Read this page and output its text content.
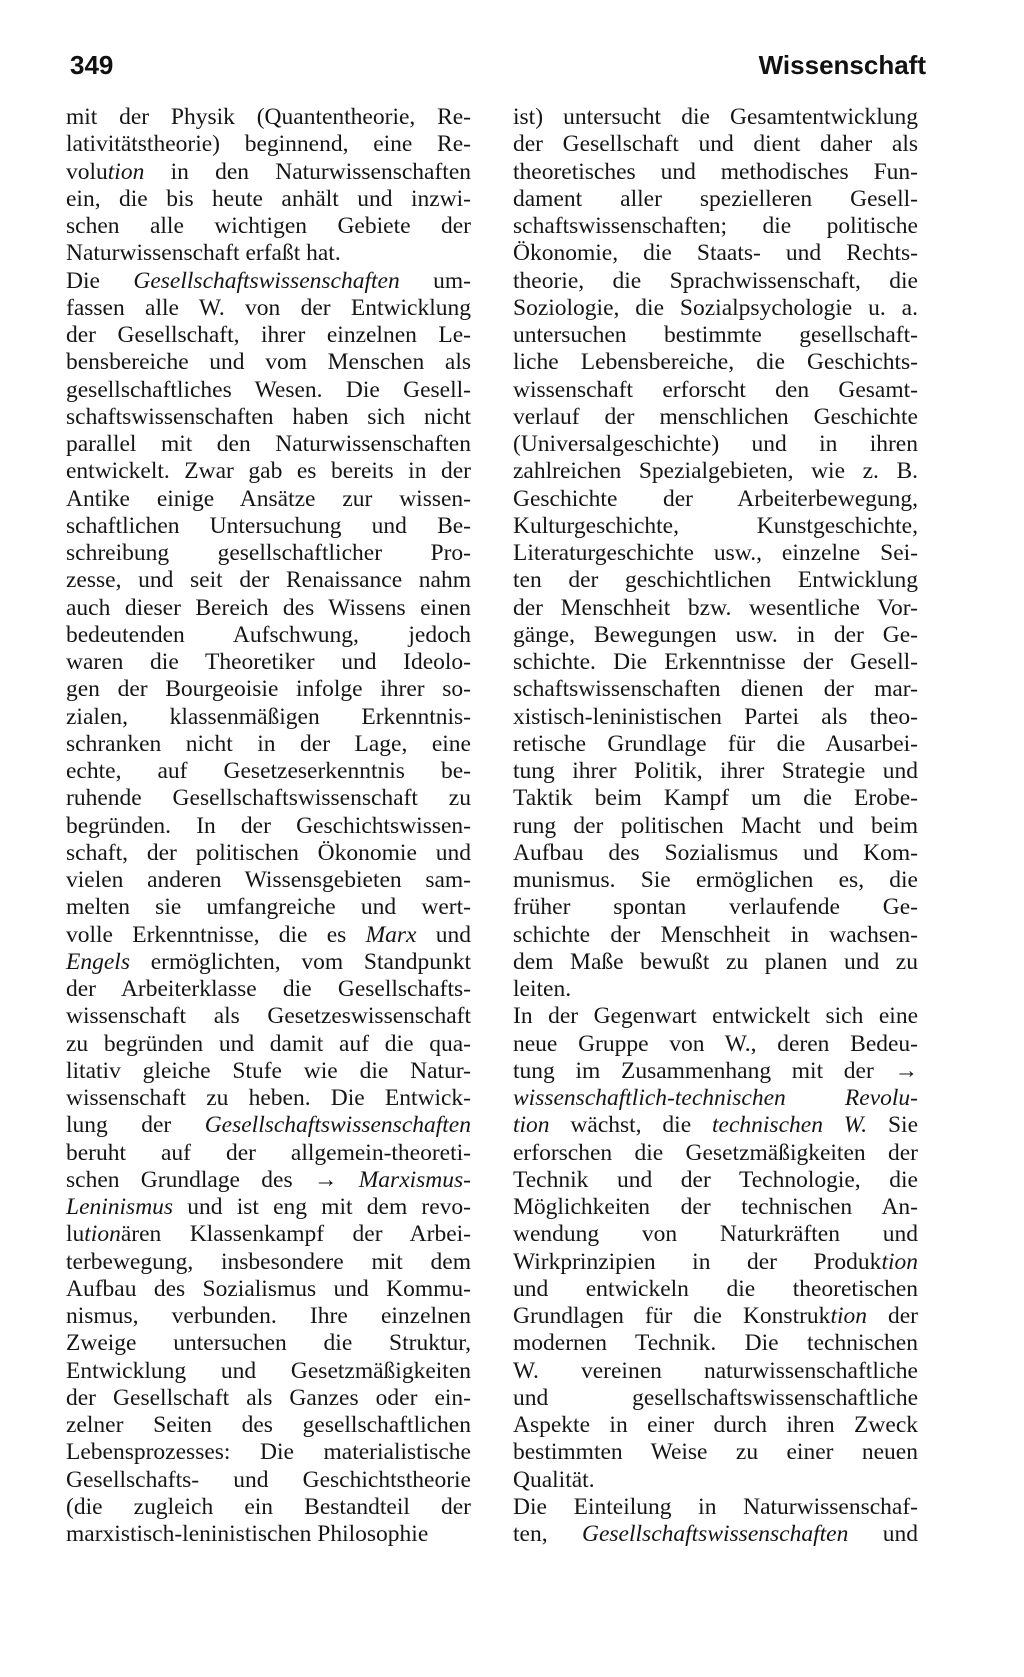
349	Wissenschaft
mit der Physik (Quantentheorie, Re-
lativitätstheorie) beginnend, eine Re-
volution in den Naturwissenschaften
ein, die bis heute anhält und inzwi-
schen alle wichtigen Gebiete der
Naturwissenschaft erfaßt hat.
Die Gesellschaftswissenschaften um-
fassen alle W. von der Entwicklung
der Gesellschaft, ihrer einzelnen Le-
bensbereiche und vom Menschen als
gesellschaftliches Wesen. Die Gesell-
schaftswissenschaften haben sich nicht
parallel mit den Naturwissenschaften
entwickelt. Zwar gab es bereits in der
Antike einige Ansätze zur wissen-
schaftlichen Untersuchung und Be-
schreibung gesellschaftlicher Pro-
zesse, und seit der Renaissance nahm
auch dieser Bereich des Wissens einen
bedeutenden Aufschwung, jedoch
waren die Theoretiker und Ideolo-
gen der Bourgeoisie infolge ihrer so-
zialen, klassenmäßigen Erkenntnis-
schranken nicht in der Lage, eine
echte, auf Gesetzeserkenntnis be-
ruhende Gesellschaftswissenschaft zu
begründen. In der Geschichtswissen-
schaft, der politischen Ökonomie und
vielen anderen Wissensgebieten sam-
melten sie umfangreiche und wert-
volle Erkenntnisse, die es Marx und
Engels ermöglichten, vom Standpunkt
der Arbeiterklasse die Gesellschafts-
wissenschaft als Gesetzeswissenschaft
zu begründen und damit auf die qua-
litativ gleiche Stufe wie die Natur-
wissenschaft zu heben. Die Entwick-
lung der Gesellschaftswissenschaften
beruht auf der allgemein-theoreti-
schen Grundlage des → Marxismus-
Leninismus und ist eng mit dem revo-
lutionären Klassenkampf der Arbei-
terbewegung, insbesondere mit dem
Aufbau des Sozialismus und Kommu-
nismus, verbunden. Ihre einzelnen
Zweige untersuchen die Struktur,
Entwicklung und Gesetzmäßigkeiten
der Gesellschaft als Ganzes oder ein-
zelner Seiten des gesellschaftlichen
Lebensprozesses: Die materialistische
Gesellschafts- und Geschichtstheorie
(die zugleich ein Bestandteil der
marxistisch-leninistischen Philosophie
ist) untersucht die Gesamtentwicklung
der Gesellschaft und dient daher als
theoretisches und methodisches Fun-
dament aller spezielleren Gesell-
schaftswissenschaften; die politische
Ökonomie, die Staats- und Rechts-
theorie, die Sprachwissenschaft, die
Soziologie, die Sozialpsychologie u. a.
untersuchen bestimmte gesellschaft-
liche Lebensbereiche, die Geschichts-
wissenschaft erforscht den Gesamt-
verlauf der menschlichen Geschichte
(Universalgeschichte) und in ihren
zahlreichen Spezialgebieten, wie z. B.
Geschichte der Arbeiterbewegung,
Kulturgeschichte, Kunstgeschichte,
Literaturgeschichte usw., einzelne Sei-
ten der geschichtlichen Entwicklung
der Menschheit bzw. wesentliche Vor-
gänge, Bewegungen usw. in der Ge-
schichte. Die Erkenntnisse der Gesell-
schaftswissenschaften dienen der mar-
xistisch-leninistischen Partei als theo-
retische Grundlage für die Ausarbei-
tung ihrer Politik, ihrer Strategie und
Taktik beim Kampf um die Erobe-
rung der politischen Macht und beim
Aufbau des Sozialismus und Kom-
munismus. Sie ermöglichen es, die
früher spontan verlaufende Ge-
schichte der Menschheit in wachsen-
dem Maße bewußt zu planen und zu
leiten.
In der Gegenwart entwickelt sich eine
neue Gruppe von W., deren Bedeu-
tung im Zusammenhang mit der →
wissenschaftlich-technischen Revolu-
tion wächst, die technischen W. Sie
erforschen die Gesetzmäßigkeiten der
Technik und der Technologie, die
Möglichkeiten der technischen An-
wendung von Naturkräften und
Wirkprinzipien in der Produktion
und entwickeln die theoretischen
Grundlagen für die Konstruktion der
modernen Technik. Die technischen
W. vereinen naturwissenschaftliche
und gesellschaftswissenschaftliche
Aspekte in einer durch ihren Zweck
bestimmten Weise zu einer neuen
Qualität.
Die Einteilung in Naturwissenschaf-
ten, Gesellschaftswissenschaften und
